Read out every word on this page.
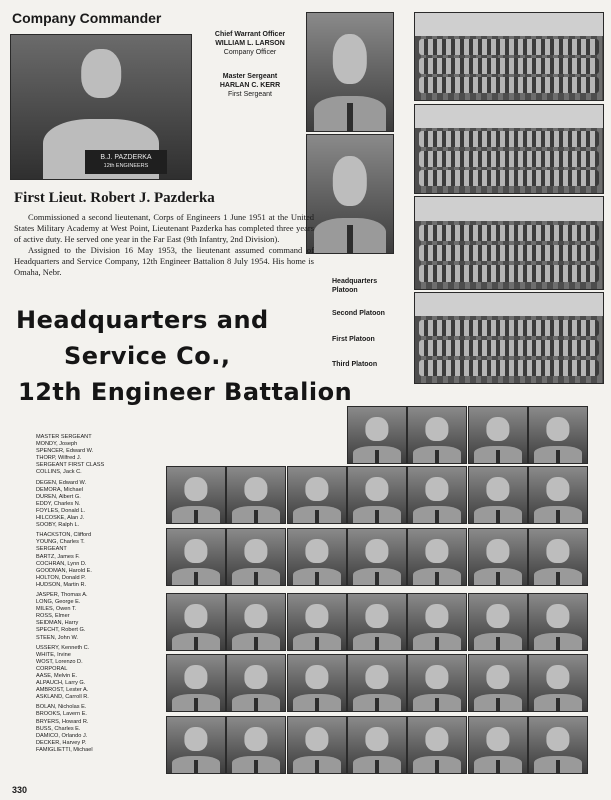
Company Commander
B.J. PAZDERKA
12th ENGINEERS
Chief Warrant Officer
WILLIAM L. LARSON
Company Officer
Master Sergeant
HARLAN C. KERR
First Sergeant
Headquarters Platoon
Second Platoon
First Platoon
Third Platoon
First Lieut. Robert J. Pazderka

Commissioned a second lieutenant, Corps of Engineers 1 June 1951 at the United States Military Academy at West Point, Lieutenant Pazderka has completed three years of active duty. He served one year in the Far East (9th Infantry, 2nd Division).

Assigned to the Division 16 May 1953, the lieutenant assumed command of Headquarters and Service Company, 12th Engineer Battalion 8 July 1954. His home is Omaha, Nebr.

Headquarters and
Service Co.,
12th Engineer Battalion
MASTER SERGEANT
MONDY, Joseph
SPENCER, Edward W.
THORP, Wilfred J.
SERGEANT FIRST CLASS
COLLINS, Jack C.
DEGEN, Edward W.
DEMORA, Michael
DUREN, Albert G.
EDDY, Charles N.
FOYLES, Donald L.
HILCOSKE, Alan J.
SOOBY, Ralph L.
THACKSTON, Clifford
YOUNG, Charles T.
SERGEANT
BARTZ, James F.
COCHRAN, Lynn D.
GOODMAN, Harold E.
HOLTON, Donald P.
HUDSON, Martin R.
JASPER, Thomas A.
LONG, George E.
MILES, Owen T.
ROSS, Elmer
SEIDMAN, Harry
SPECHT, Robert G.
STEEN, John W.
USSERY, Kenneth C.
WHITE, Irvine
WOST, Lorenzo D.
CORPORAL
AASE, Melvin E.
ALPAUCH, Larry G.
AMBROST, Lester A.
ASKLAND, Carroll R.
BOLAN, Nicholas E.
BROOKS, Lavern E.
BRYERS, Howard R.
BUSS, Charles E.
DAMICO, Orlando J.
DECKER, Harvey P.
FAMIGLIETTI, Michael
330
